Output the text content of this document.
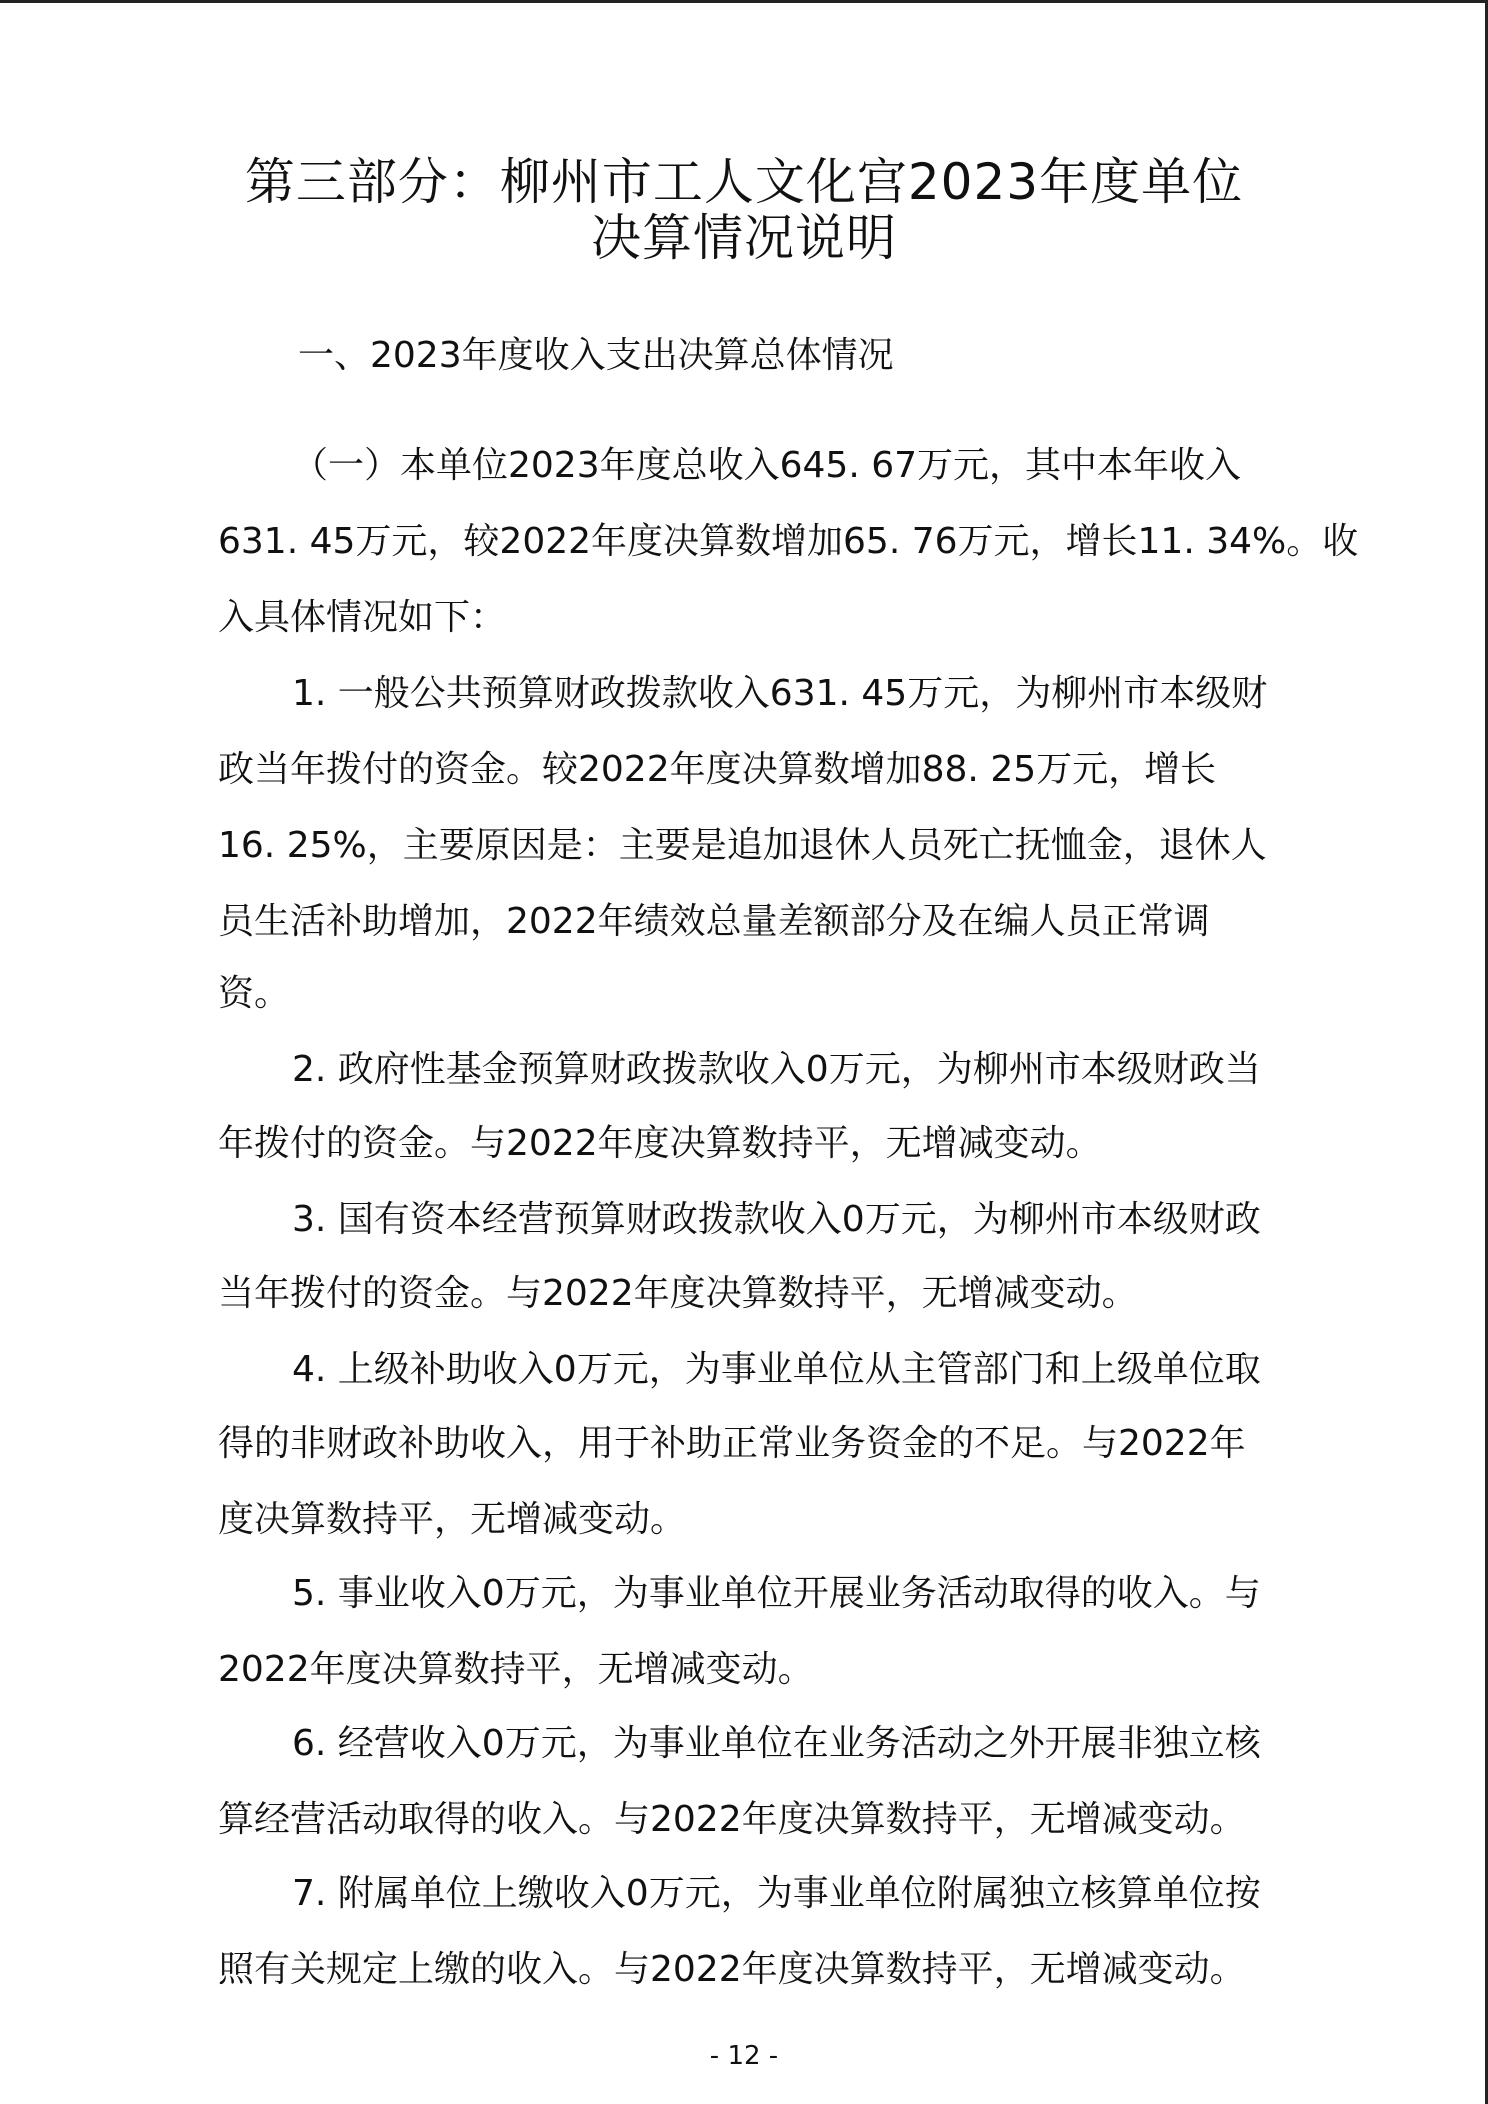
第三部分：柳州市工人文化宫2023年度单位
决算情况说明

一、2023年度收入支出决算总体情况

（一）本单位2023年度总收入645. 67万元，其中本年收入

631. 45万元，较2022年度决算数增加65. 76万元，增长11. 34%。收

入具体情况如下：

1. 一般公共预算财政拨款收入631. 45万元，为柳州市本级财

政当年拨付的资金。较2022年度决算数增加88. 25万元，增长

16. 25%，主要原因是：主要是追加退休人员死亡抚恤金，退休人

员生活补助增加，2022年绩效总量差额部分及在编人员正常调

资。

2. 政府性基金预算财政拨款收入0万元，为柳州市本级财政当

年拨付的资金。与2022年度决算数持平，无增减变动。

3. 国有资本经营预算财政拨款收入0万元，为柳州市本级财政

当年拨付的资金。与2022年度决算数持平，无增减变动。

4. 上级补助收入0万元，为事业单位从主管部门和上级单位取

得的非财政补助收入，用于补助正常业务资金的不足。与2022年

度决算数持平，无增减变动。

5. 事业收入0万元，为事业单位开展业务活动取得的收入。与

2022年度决算数持平，无增减变动。

6. 经营收入0万元，为事业单位在业务活动之外开展非独立核

算经营活动取得的收入。与2022年度决算数持平，无增减变动。

7. 附属单位上缴收入0万元，为事业单位附属独立核算单位按

照有关规定上缴的收入。与2022年度决算数持平，无增减变动。

- 12 -
